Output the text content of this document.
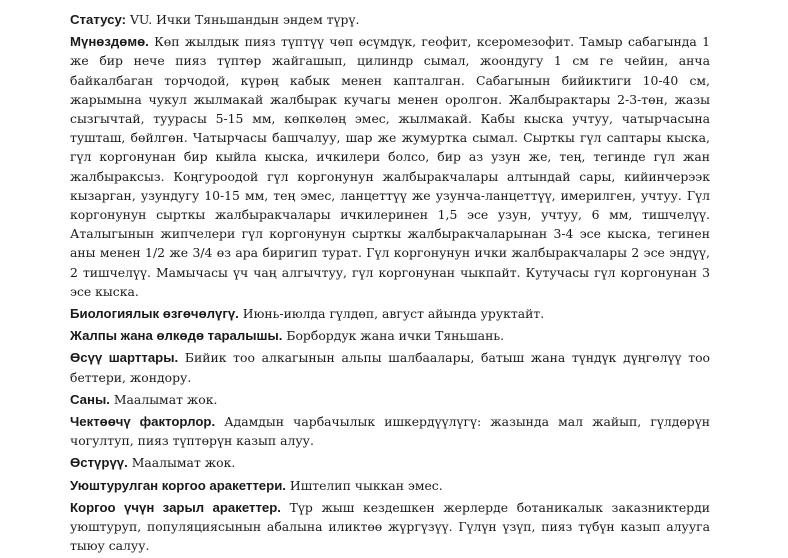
Статусу: VU. Ички Тяньшандын эндем түрү.

Мүнөздөмө. Көп жылдык пияз түптүү чөп өсүмдүк, геофит, ксеромезофит. Тамыр сабагында 1 же бир нече пияз түптөр жайгашып, цилиндр сымал, жоондугу 1 см ге чейин, анча байкалбаган торчодой, күрөң кабык менен капталган. Сабагынын бийиктиги 10-40 см, жарымына чукул жылмакай жалбырак кучагы менен оролгон. Жалбырактары 2-3-төн, жазы сызгычтай, туурасы 5-15 мм, көпкөлөң эмес, жылмакай. Кабы кыска учтуу, чатырчасына тушташ, бөйлгөн. Чатырчасы башчалуу, шар же жумуртка сымал. Сырткы гүл саптары кыска, гүл коргонунан бир кыйла кыска, ичкилери болсо, бир аз узун же, тең, тегинде гүл жан жалбыраксыз. Коңгуроодой гүл коргонунун жалбыракчалары алтындай сары, кийинчерээк кызарган, узундугу 10-15 мм, тең эмес, ланцеттүү же узунча-ланцеттүү, имерилген, учтуу. Гүл коргонунун сырткы жалбыракчалары ичкилеринен 1,5 эсе узун, учтуу, 6 мм, тишчелүү. Аталыгынын жипчелери гүл коргонунун сырткы жалбыракчаларынан 3-4 эсе кыска, тегинен аны менен 1/2 же 3/4 өз ара биригип турат. Гүл коргонунун ички жалбыракчалары 2 эсе эндүү, 2 тишчелүү. Мамычасы үч чаң алгычтуу, гүл коргонунан чыкпайт. Кутучасы гүл коргонунан 3 эсе кыска.

Биологиялык өзгөчөлүгү. Июнь-июлда гүлдөп, август айында уруктайт.

Жалпы жана өлкөдө таралышы. Борбордук жана ички Тяньшань.

Өсүү шарттары. Бийик тоо алкагынын альпы шалбаалары, батыш жана түндүк дүңгөлүү тоо беттери, жондору.

Саны. Маалымат жок.

Чектөөчү факторлор. Адамдын чарбачылык ишкердүүлүгү: жазында мал жайып, гүлдөрүн чогултуп, пияз түптөрүн казып алуу.

Өстүрүү. Маалымат жок.

Уюштурулган коргоо аракеттери. Иштелип чыккан эмес.

Коргоо үчүн зарыл аракеттер. Түр жыш кездешкен жерлерде ботаникалык заказниктерди уюштуруп, популяциясынын абалына иликтөө жүргүзүү. Гүлүн үзүп, пияз түбүн казып алууга тыюу салуу.
